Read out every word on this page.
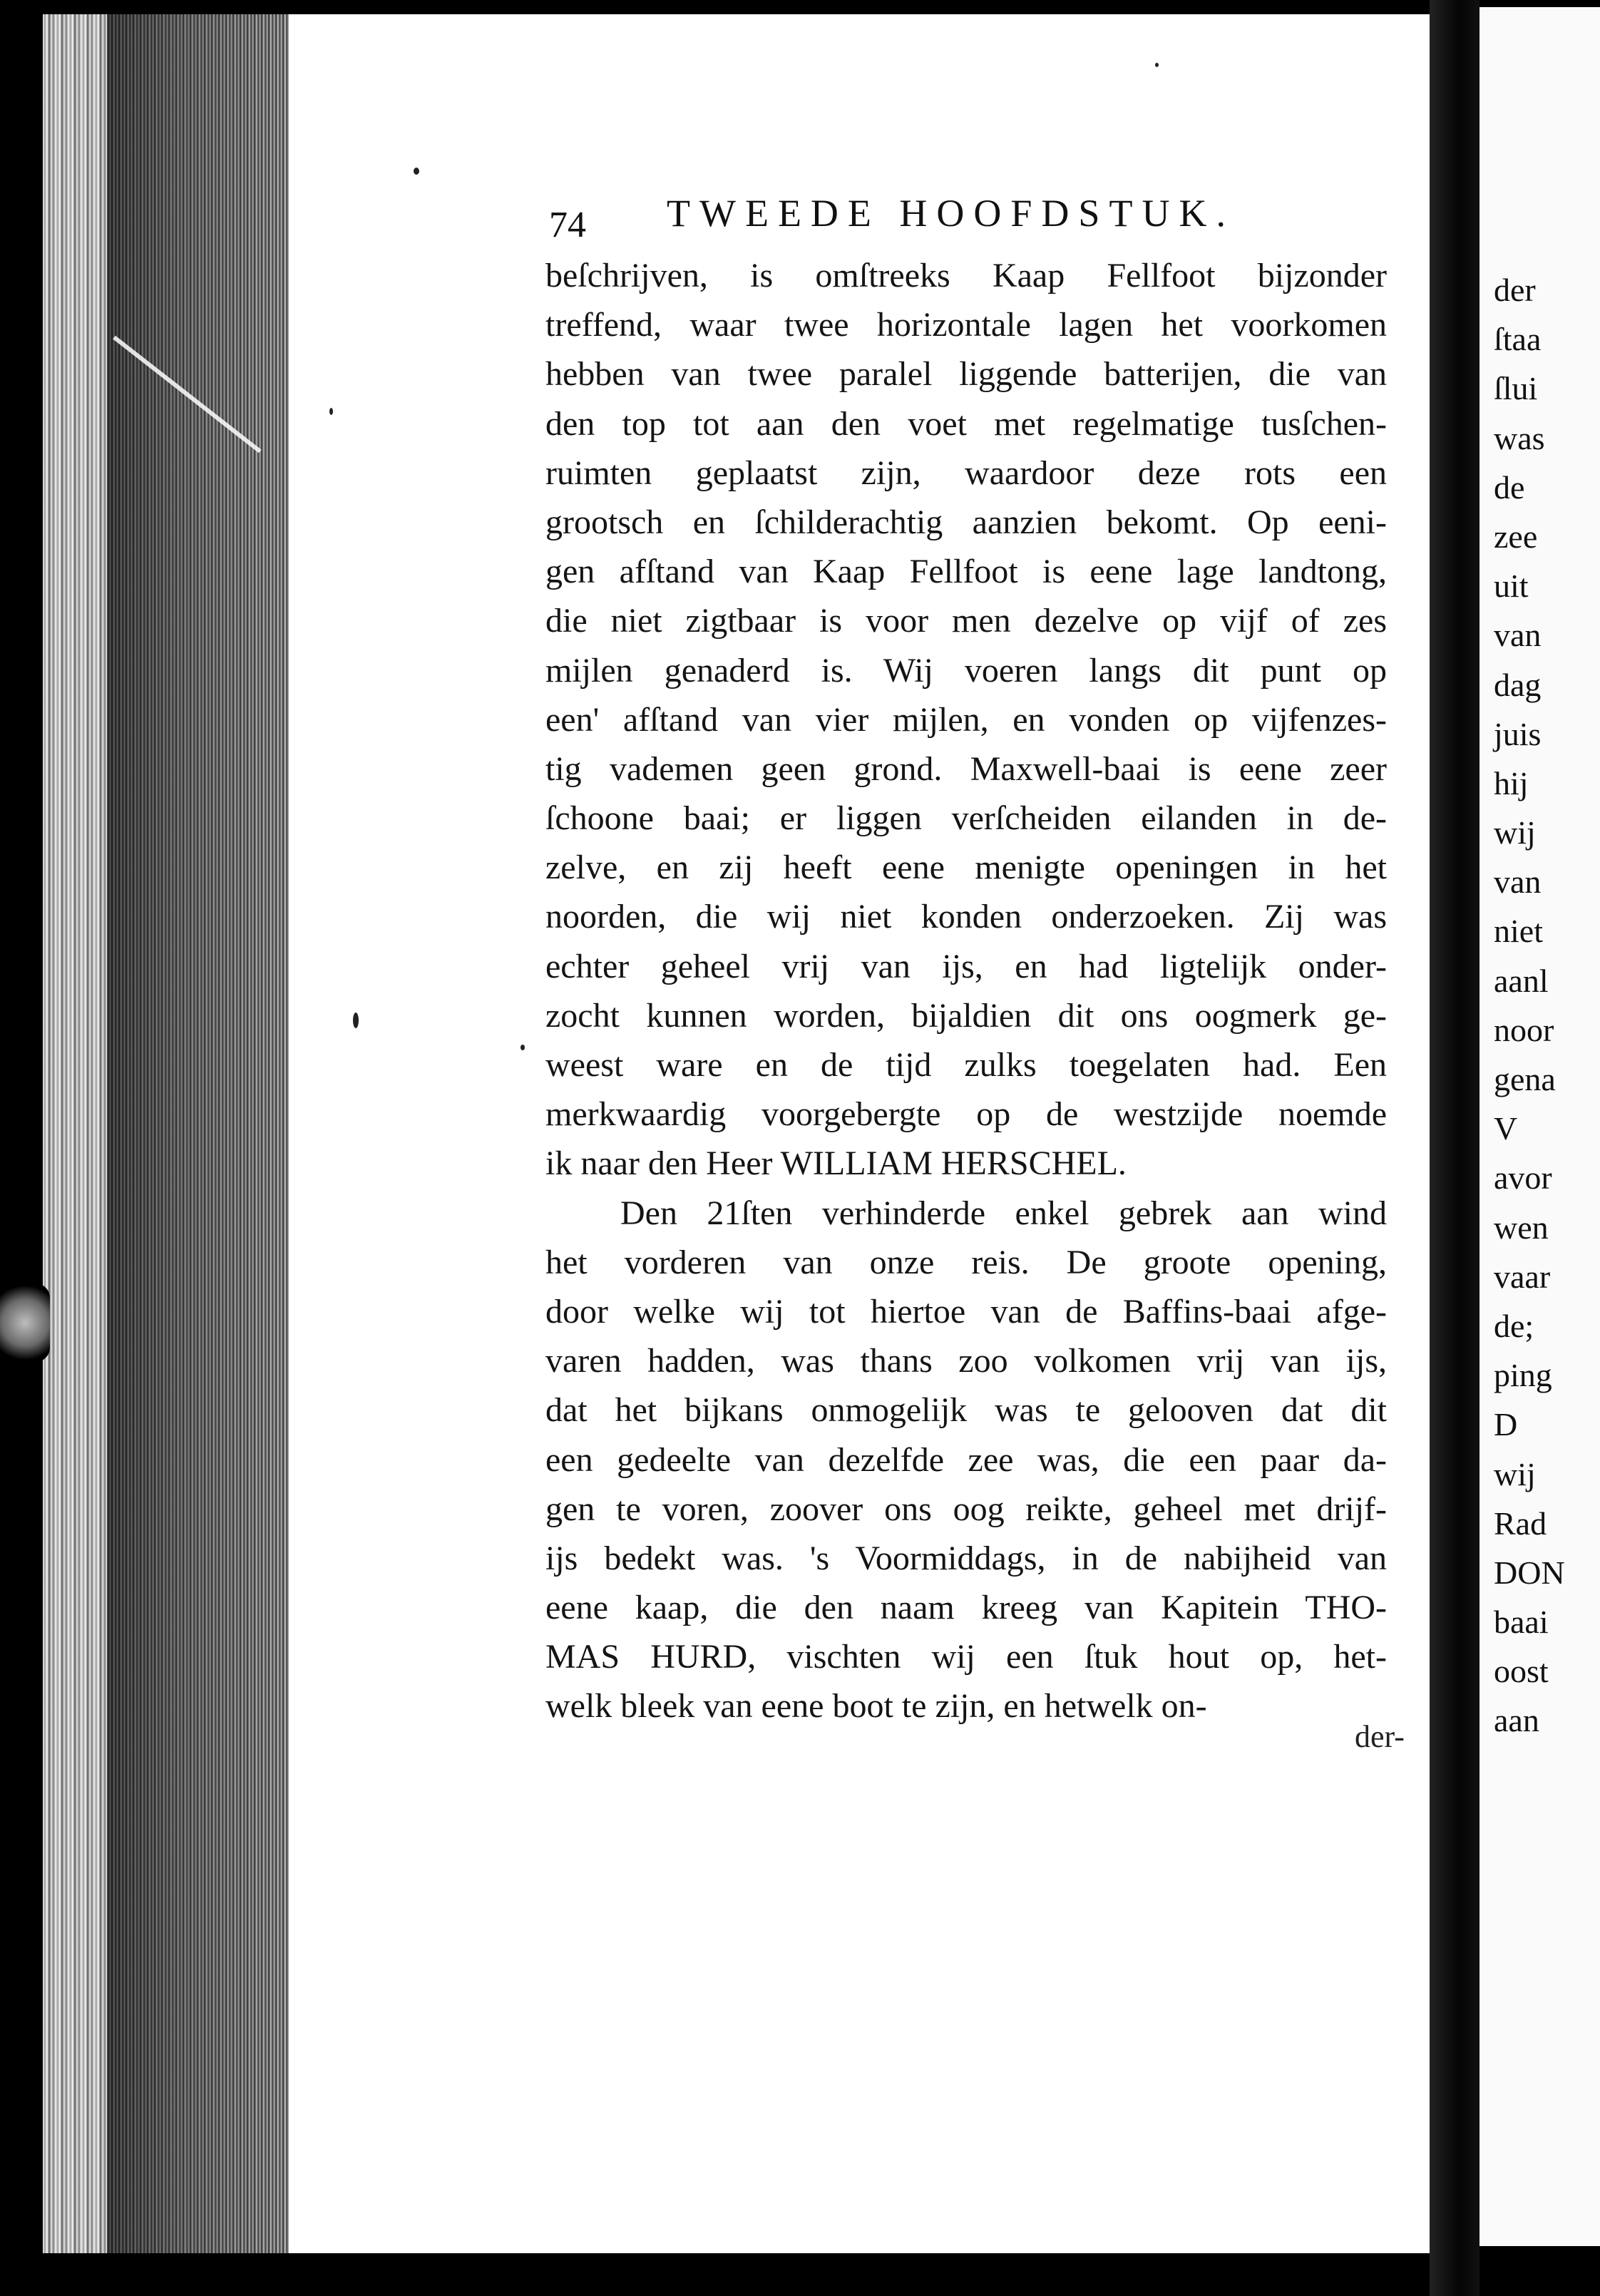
der
ſtaa
ſlui
was
de
zee
uit
van
dag
juis
hij
wij
van
niet
aanl
noor
gena
V
avor
wen
vaar
de;
ping
D
wij
Rad
DON
baai
oost
aan
74 TWEEDE HOOFDSTUK.
beſchrijven, is omſtreeks Kaap Fellfoot bijzonder
treffend, waar twee horizontale lagen het voorkomen
hebben van twee paralel liggende batterijen, die van
den top tot aan den voet met regelmatige tusſchen-
ruimten geplaatst zijn, waardoor deze rots een
grootsch en ſchilderachtig aanzien bekomt. Op eeni-
gen afſtand van Kaap Fellfoot is eene lage landtong,
die niet zigtbaar is voor men dezelve op vijf of zes
mijlen genaderd is. Wij voeren langs dit punt op
een' afſtand van vier mijlen, en vonden op vijfenzes-
tig vademen geen grond. Maxwell-baai is eene zeer
ſchoone baai; er liggen verſcheiden eilanden in de-
zelve, en zij heeft eene menigte openingen in het
noorden, die wij niet konden onderzoeken. Zij was
echter geheel vrij van ijs, en had ligtelijk onder-
zocht kunnen worden, bijaldien dit ons oogmerk ge-
weest ware en de tijd zulks toegelaten had. Een
merkwaardig voorgebergte op de westzijde noemde
ik naar den Heer WILLIAM HERSCHEL.
Den 21ſten verhinderde enkel gebrek aan wind
het vorderen van onze reis. De groote opening,
door welke wij tot hiertoe van de Baffins-baai afge-
varen hadden, was thans zoo volkomen vrij van ijs,
dat het bijkans onmogelijk was te gelooven dat dit
een gedeelte van dezelfde zee was, die een paar da-
gen te voren, zoover ons oog reikte, geheel met drijf-
ijs bedekt was. 's Voormiddags, in de nabijheid van
eene kaap, die den naam kreeg van Kapitein THO-
MAS HURD, vischten wij een ſtuk hout op, het-
welk bleek van eene boot te zijn, en hetwelk on-
der-
